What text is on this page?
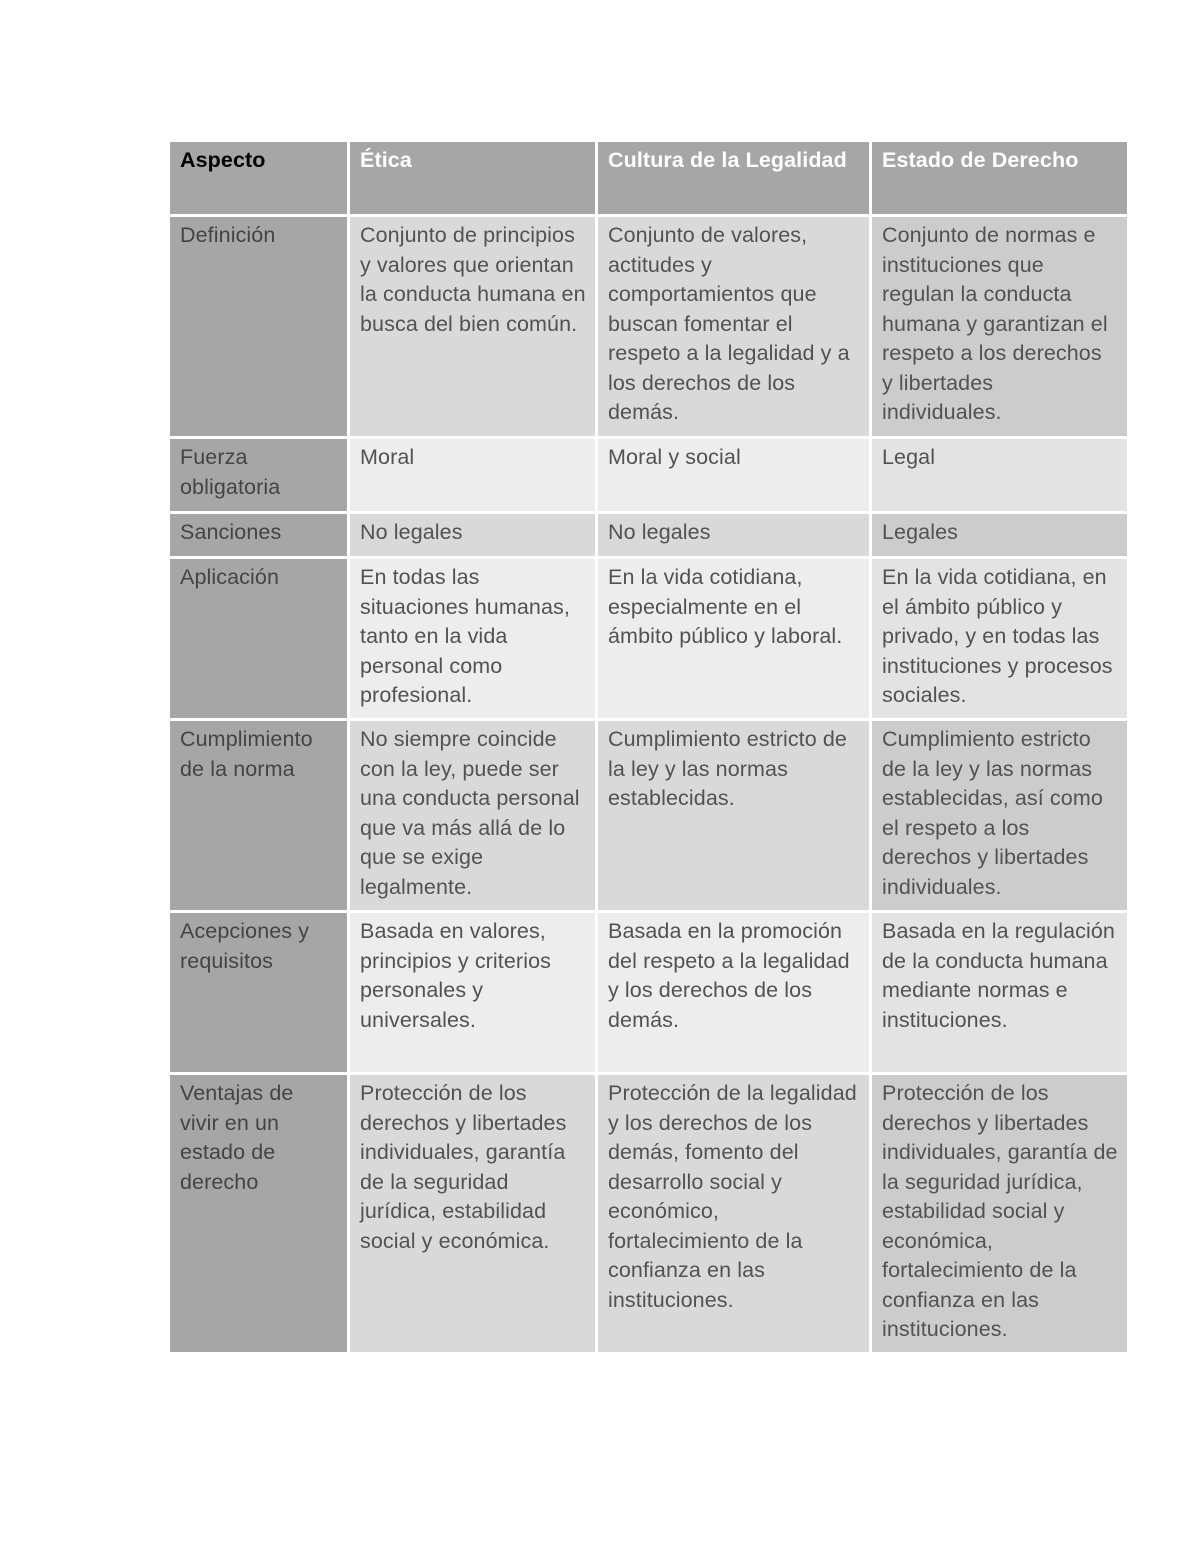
Aspecto	Ética	Cultura de la Legalidad	Estado de Derecho
Definición	Conjunto de principios y valores que orientan la conducta humana en busca del bien común.	Conjunto de valores, actitudes y comportamientos que buscan fomentar el respeto a la legalidad y a los derechos de los demás.	Conjunto de normas e instituciones que regulan la conducta humana y garantizan el respeto a los derechos y libertades individuales.
Fuerza obligatoria	Moral	Moral y social	Legal
Sanciones	No legales	No legales	Legales
Aplicación	En todas las situaciones humanas, tanto en la vida personal como profesional.	En la vida cotidiana, especialmente en el ámbito público y laboral.	En la vida cotidiana, en el ámbito público y privado, y en todas las instituciones y procesos sociales.
Cumplimiento de la norma	No siempre coincide con la ley, puede ser una conducta personal que va más allá de lo que se exige legalmente.	Cumplimiento estricto de la ley y las normas establecidas.	Cumplimiento estricto de la ley y las normas establecidas, así como el respeto a los derechos y libertades individuales.
Acepciones y requisitos	Basada en valores, principios y criterios personales y universales.	Basada en la promoción del respeto a la legalidad y los derechos de los demás.	Basada en la regulación de la conducta humana mediante normas e instituciones.
Ventajas de vivir en un estado de derecho	Protección de los derechos y libertades individuales, garantía de la seguridad jurídica, estabilidad social y económica.	Protección de la legalidad y los derechos de los demás, fomento del desarrollo social y económico, fortalecimiento de la confianza en las instituciones.	Protección de los derechos y libertades individuales, garantía de la seguridad jurídica, estabilidad social y económica, fortalecimiento de la confianza en las instituciones.
